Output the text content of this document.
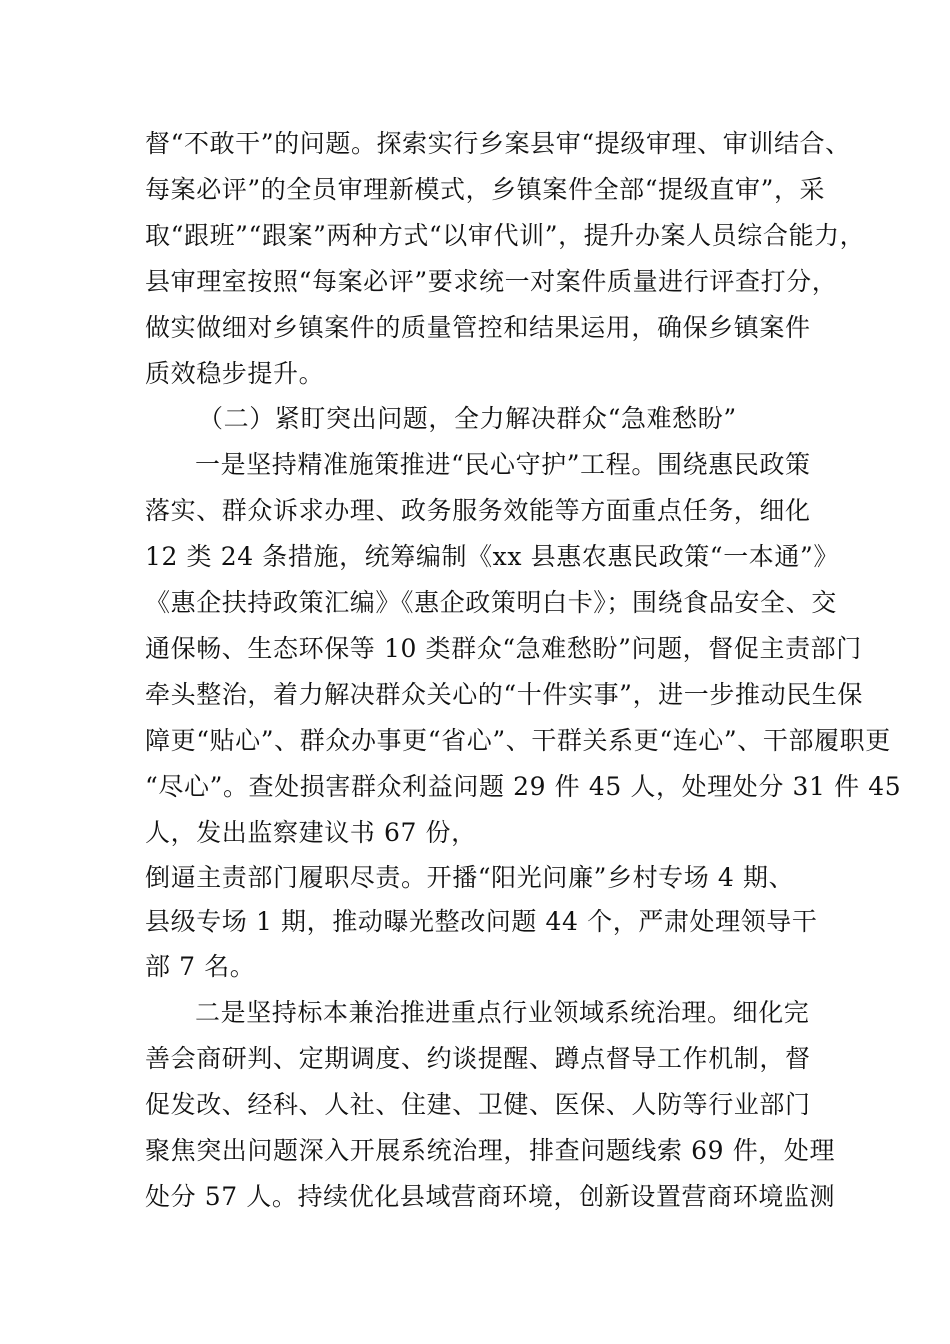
督“不敢干”的问题。探索实行乡案县审“提级审理、审训结合、
每案必评”的全员审理新模式，乡镇案件全部“提级直审”，采
取“跟班”“跟案”两种方式“以审代训”，提升办案人员综合能力，
县审理室按照“每案必评”要求统一对案件质量进行评查打分，
做实做细对乡镇案件的质量管控和结果运用，确保乡镇案件
质效稳步提升。
（二）紧盯突出问题，全力解决群众“急难愁盼”
一是坚持精准施策推进“民心守护”工程。围绕惠民政策
落实、群众诉求办理、政务服务效能等方面重点任务，细化
12 类 24 条措施，统筹编制《xx 县惠农惠民政策“一本通”》
《惠企扶持政策汇编》《惠企政策明白卡》；围绕食品安全、交
通保畅、生态环保等 10 类群众“急难愁盼”问题，督促主责部门
牵头整治，着力解决群众关心的“十件实事”，进一步推动民生保
障更“贴心”、群众办事更“省心”、干群关系更“连心”、干部履职更
“尽心”。查处损害群众利益问题 29 件 45 人，处理处分 31 件 45
人，发出监察建议书 67 份，
倒逼主责部门履职尽责。开播“阳光问廉”乡村专场 4 期、
县级专场 1 期，推动曝光整改问题 44 个，严肃处理领导干
部 7 名。
二是坚持标本兼治推进重点行业领域系统治理。细化完
善会商研判、定期调度、约谈提醒、蹲点督导工作机制，督
促发改、经科、人社、住建、卫健、医保、人防等行业部门
聚焦突出问题深入开展系统治理，排查问题线索 69 件，处理
处分 57 人。持续优化县域营商环境，创新设置营商环境监测
